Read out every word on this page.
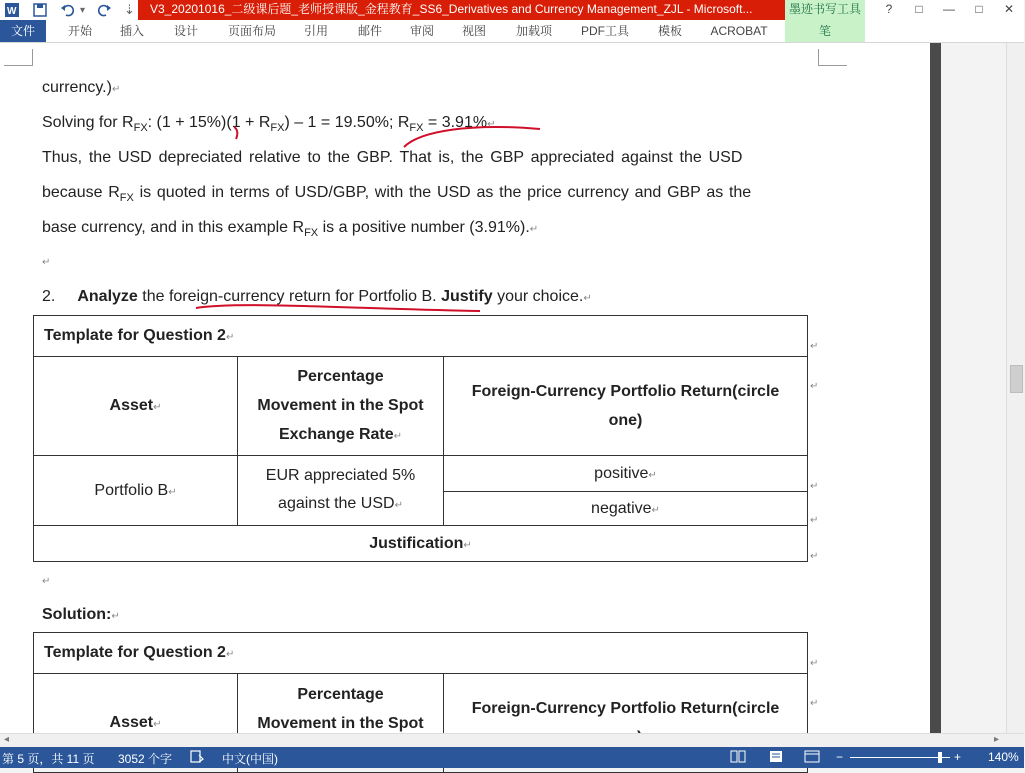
W	▾	⇣	V3_20201016_二级课后题_老师授课版_金程教育_SS6_Derivatives and Currency Management_ZJL - Microsoft...	墨迹书写工具	?	□	—	□	✕
文件	开始	插入	设计	页面布局	引用	邮件	审阅	视图	加载项	PDF工具	模板	ACROBAT	笔
currency.)↵
Solving for $R_{FX}$: $(1 + 15\%)(1 + R_{FX}) - 1 = 19.50\%$; $R_{FX}$ = 3.91%↵
Thus, the USD depreciated relative to the GBP. That is, the GBP appreciated against the USD
because $R_{FX}$ is quoted in terms of USD/GBP, with the USD as the price currency and GBP as the
base currency, and in this example $R_{FX}$ is a positive number (3.91%).↵
↵
2. Analyze the foreign-currency return for Portfolio B. Justify your choice.↵
Template for Question 2↵		
Asset↵	Percentage
Movement in the Spot
Exchange Rate↵	Foreign-Currency Portfolio Return(circle
one)
Portfolio B↵	EUR appreciated 5%
against the USD↵	positive↵
		negative↵
Justification↵		
↵
↵
↵
↵
↵
↵
Solution:↵
Template for Question 2↵
Asset↵	Percentage
Movement in the Spot
	Foreign-Currency Portfolio Return(circle

↵
↵
◂	▸
第 5 页，共 11 页 3052 个字	中文(中国)	−	+ 140%
